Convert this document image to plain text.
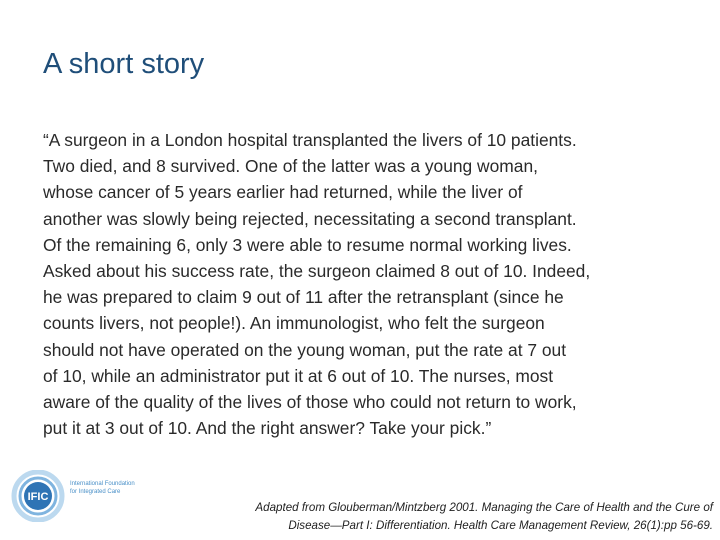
A short story
“A surgeon in a London hospital transplanted the livers of 10 patients.
Two died, and 8 survived. One of the latter was a young woman,
whose cancer of 5 years earlier had returned, while the liver of
another was slowly being rejected, necessitating a second transplant.
Of the remaining 6, only 3 were able to resume normal working lives.
Asked about his success rate, the surgeon claimed 8 out of 10. Indeed,
he was prepared to claim 9 out of 11 after the retransplant (since he
counts livers, not people!). An immunologist, who felt the surgeon
should not have operated on the young woman, put the rate at 7 out
of 10, while an administrator put it at 6 out of 10. The nurses, most
aware of the quality of the lives of those who could not return to work,
put it at 3 out of 10. And the right answer? Take your pick.”
IFIC
International Foundation
for Integrated Care
Adapted from Glouberman/Mintzberg 2001. Managing the Care of Health and the Cure of
Disease—Part I: Differentiation. Health Care Management Review, 26(1):pp 56-69.
